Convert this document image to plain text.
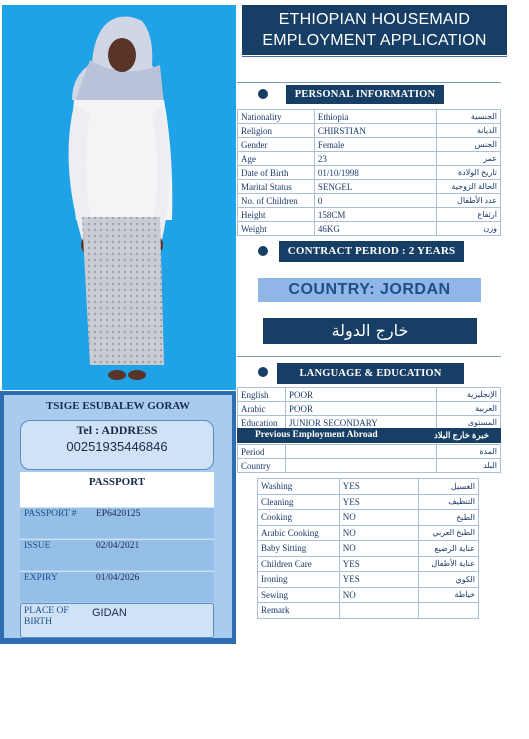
ETHIOPIAN HOUSEMAID
EMPLOYMENT APPLICATION
PERSONAL INFORMATION
Nationality	Ethiopia	الجنسية
Religion	CHIRSTIAN	الديانة
Gender	Female	الجنس
Age	23	عمر
Date of Birth	01/10/1998	تاريخ الولادة
Marital Status	SENGEL	الحالة الزوجية
No. of Children	0	عدد الأطفال
Height	158CM	ارتفاع
Weight	46KG	وزن
CONTRACT PERIOD : 2 YEARS
COUNTRY: JORDAN
خارج الدولة
LANGUAGE & EDUCATION
English	POOR	الإنجليزية
Arabic	POOR	العربية
Education	JUNIOR SECONDARY	المستوى
Previous Employment Abroad	خبرة خارج البلاد
Period		المدة
Country		البلد
Washing	YES	الغسيل
Cleaning	YES	التنظيف
Cooking	NO	الطبخ
Arabic Cooking	NO	الطبخ العربي
Baby Sitting	NO	عناية الرضيع
Children Care	YES	عناية الأطفال
Ironing	YES	الكوي
Sewing	NO	خياطة
Remark		
TSIGE ESUBALEW GORAW
Tel : ADDRESS
00251935446846
PASSPORT
PASSPORT # EP6420125
ISSUE	02/04/2021
EXPIRY	01/04/2026
PLACE OF
BIRTH
GIDAN
